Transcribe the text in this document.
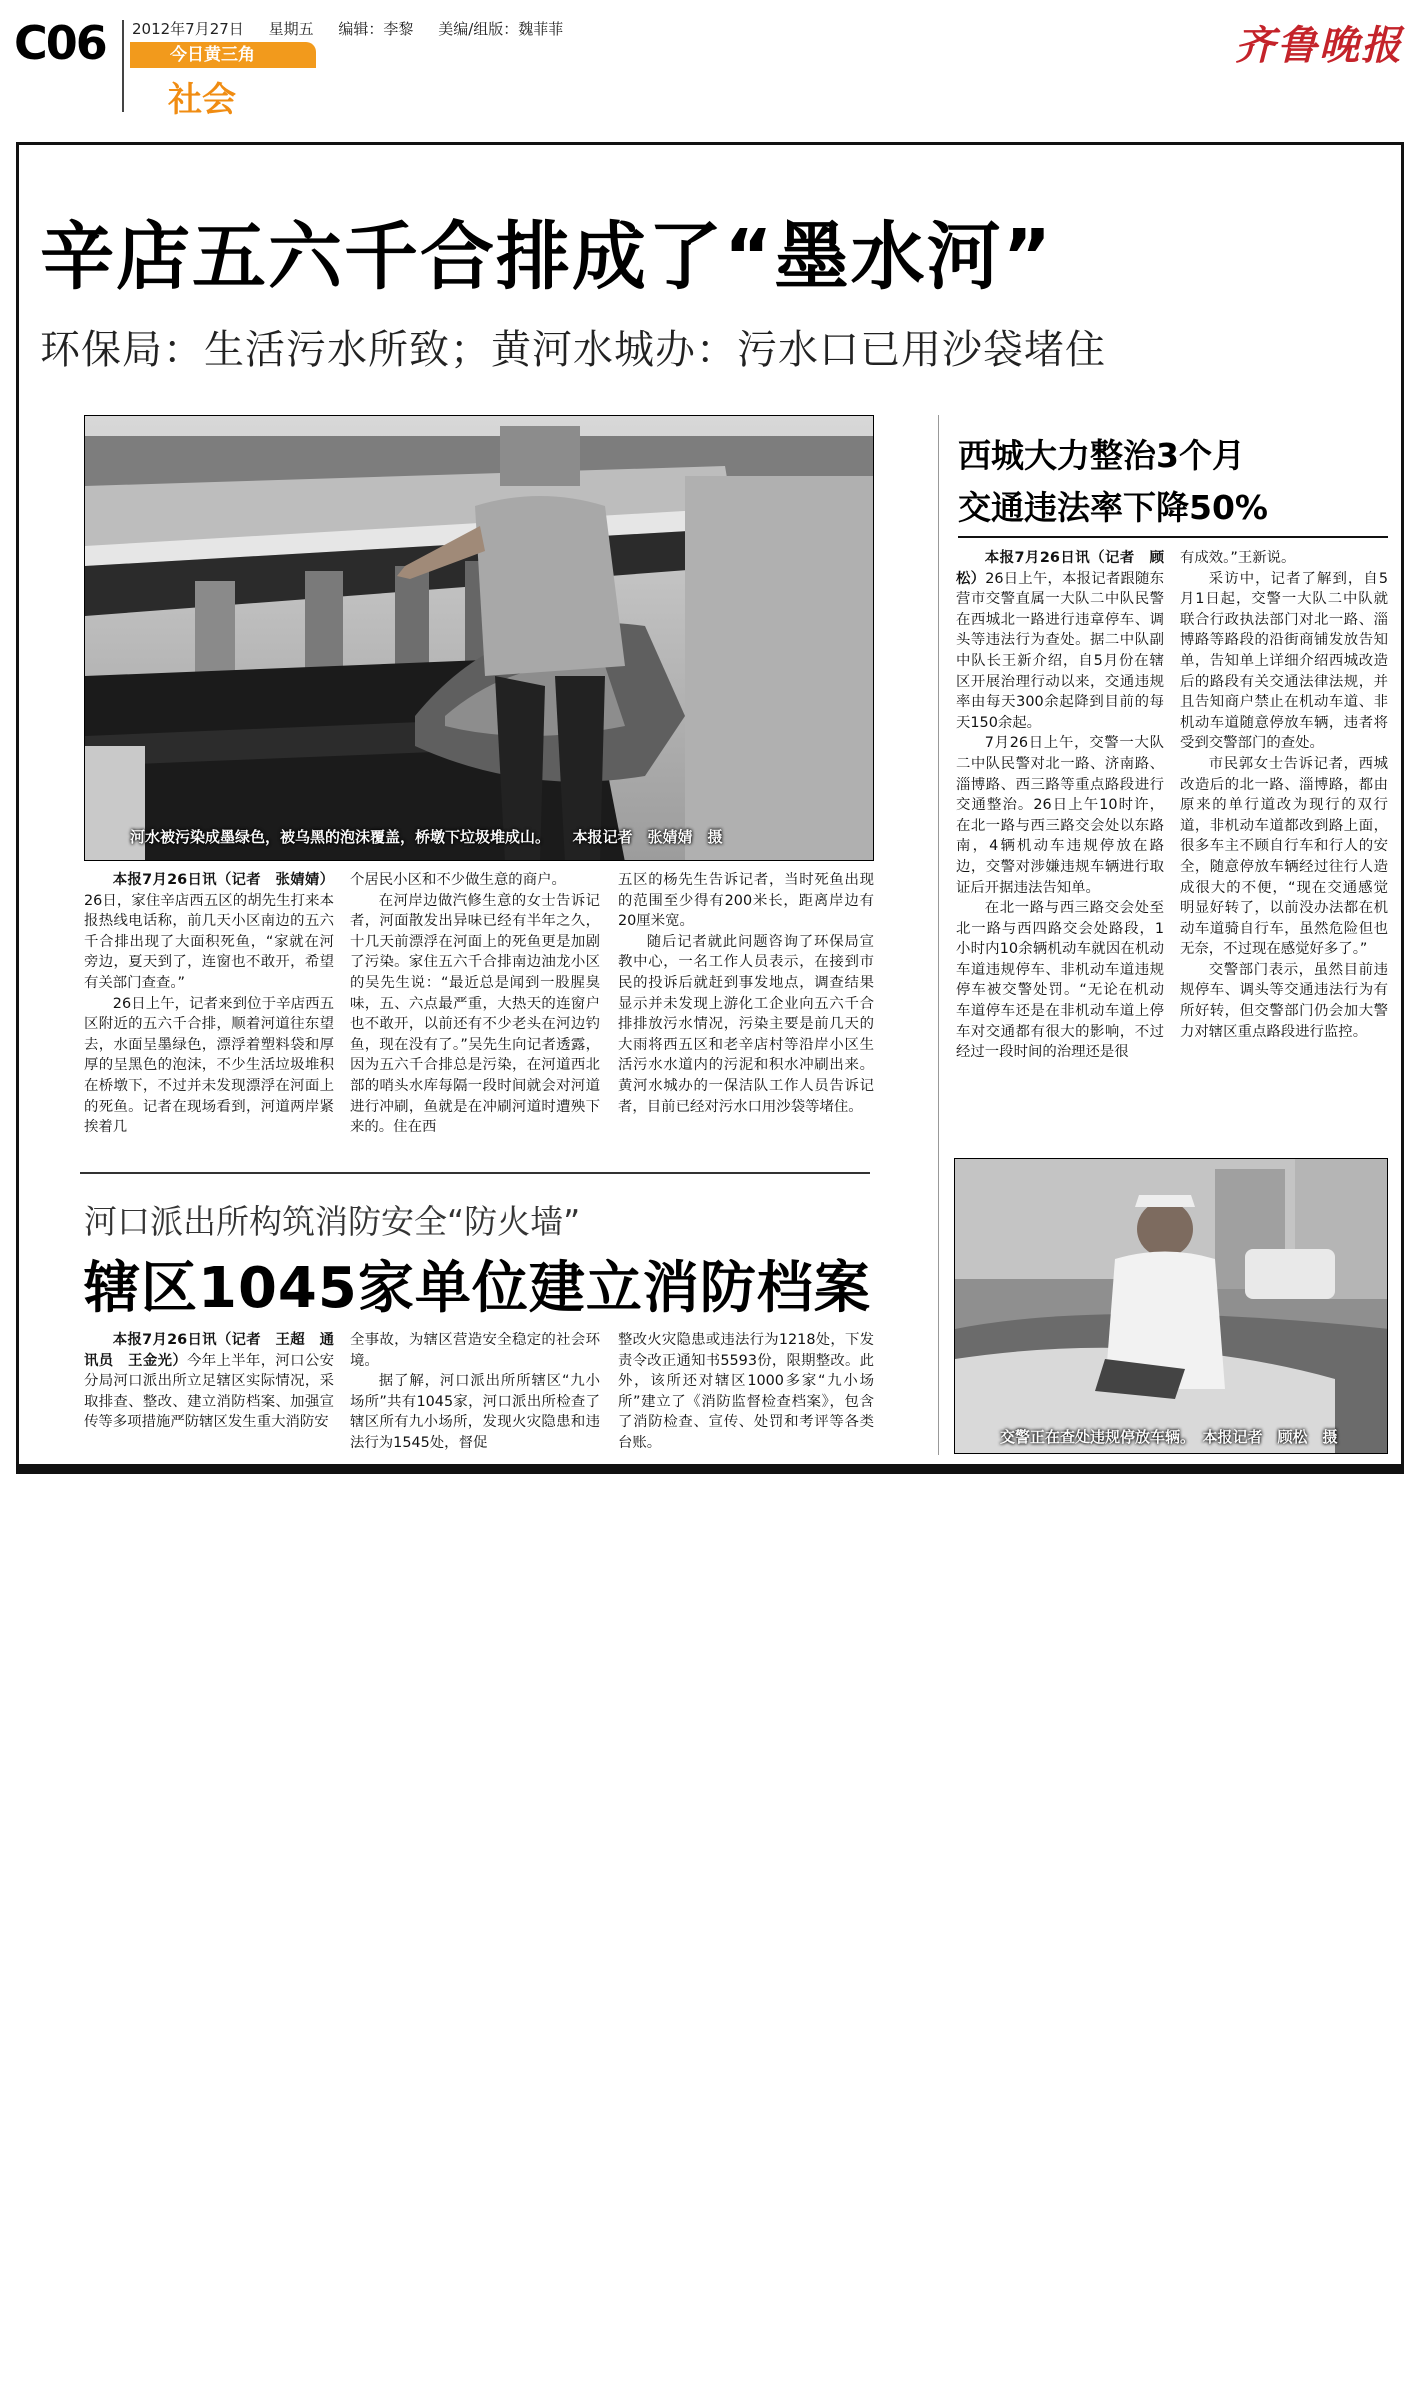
C06 2012年7月27日 星期五 编辑：李黎 美编/组版：魏菲菲
今日黄三角
社会
齐鲁晚报
辛店五六千合排成了“墨水河”
环保局：生活污水所致；黄河水城办：污水口已用沙袋堵住
河水被污染成墨绿色，被乌黑的泡沫覆盖，桥墩下垃圾堆成山。　　 本报记者　张婧婧　摄

本报7月26日讯（记者　张婧婧）26日，家住辛店西五区的胡先生打来本报热线电话称，前几天小区南边的五六千合排出现了大面积死鱼，“家就在河旁边，夏天到了，连窗也不敢开，希望有关部门查查。”

26日上午，记者来到位于辛店西五区附近的五六千合排，顺着河道往东望去，水面呈墨绿色，漂浮着塑料袋和厚厚的呈黑色的泡沫，不少生活垃圾堆积在桥墩下，不过并未发现漂浮在河面上的死鱼。记者在现场看到，河道两岸紧挨着几

个居民小区和不少做生意的商户。

在河岸边做汽修生意的女士告诉记者，河面散发出异味已经有半年之久，十几天前漂浮在河面上的死鱼更是加剧了污染。家住五六千合排南边油龙小区的吴先生说：“最近总是闻到一股腥臭味，五、六点最严重，大热天的连窗户也不敢开，以前还有不少老头在河边钓鱼，现在没有了。”吴先生向记者透露，因为五六千合排总是污染，在河道西北部的哨头水库每隔一段时间就会对河道进行冲刷，鱼就是在冲刷河道时遭殃下来的。住在西

五区的杨先生告诉记者，当时死鱼出现的范围至少得有200米长，距离岸边有20厘米宽。

随后记者就此问题咨询了环保局宣教中心，一名工作人员表示，在接到市民的投诉后就赶到事发地点，调查结果显示并未发现上游化工企业向五六千合排排放污水情况，污染主要是前几天的大雨将西五区和老辛店村等沿岸小区生活污水水道内的污泥和积水冲刷出来。黄河水城办的一保洁队工作人员告诉记者，目前已经对污水口用沙袋等堵住。

西城大力整治3个月
交通违法率下降50%

本报7月26日讯（记者　顾松）26日上午，本报记者跟随东营市交警直属一大队二中队民警在西城北一路进行违章停车、调头等违法行为查处。据二中队副中队长王新介绍，自5月份在辖区开展治理行动以来，交通违规率由每天300余起降到目前的每天150余起。

7月26日上午，交警一大队二中队民警对北一路、济南路、淄博路、西三路等重点路段进行交通整治。26日上午10时许，在北一路与西三路交会处以东路南，4辆机动车违规停放在路边，交警对涉嫌违规车辆进行取证后开据违法告知单。

在北一路与西三路交会处至北一路与西四路交会处路段，1小时内10余辆机动车就因在机动车道违规停车、非机动车道违规停车被交警处罚。“无论在机动车道停车还是在非机动车道上停车对交通都有很大的影响，不过经过一段时间的治理还是很

有成效。”王新说。

采访中，记者了解到，自5月1日起，交警一大队二中队就联合行政执法部门对北一路、淄博路等路段的沿街商铺发放告知单，告知单上详细介绍西城改造后的路段有关交通法律法规，并且告知商户禁止在机动车道、非机动车道随意停放车辆，违者将受到交警部门的查处。

市民郭女士告诉记者，西城改造后的北一路、淄博路，都由原来的单行道改为现行的双行道，非机动车道都改到路上面，很多车主不顾自行车和行人的安全，随意停放车辆经过往行人造成很大的不便，“现在交通感觉明显好转了，以前没办法都在机动车道骑自行车，虽然危险但也无奈，不过现在感觉好多了。”

交警部门表示，虽然目前违规停车、调头等交通违法行为有所好转，但交警部门仍会加大警力对辖区重点路段进行监控。

交警正在查处违规停放车辆。　 本报记者　顾松　摄
河口派出所构筑消防安全“防火墙”
辖区1045家单位建立消防档案

本报7月26日讯（记者　王超　通讯员　王金光）今年上半年，河口公安分局河口派出所立足辖区实际情况，采取排查、整改、建立消防档案、加强宣传等多项措施严防辖区发生重大消防安

全事故，为辖区营造安全稳定的社会环境。

据了解，河口派出所所辖区“九小场所”共有1045家，河口派出所检查了辖区所有九小场所，发现火灾隐患和违法行为1545处，督促

整改火灾隐患或违法行为1218处，下发责令改正通知书5593份，限期整改。此外，该所还对辖区1000多家“九小场所”建立了《消防监督检查档案》，包含了消防检查、宣传、处罚和考评等各类台账。
